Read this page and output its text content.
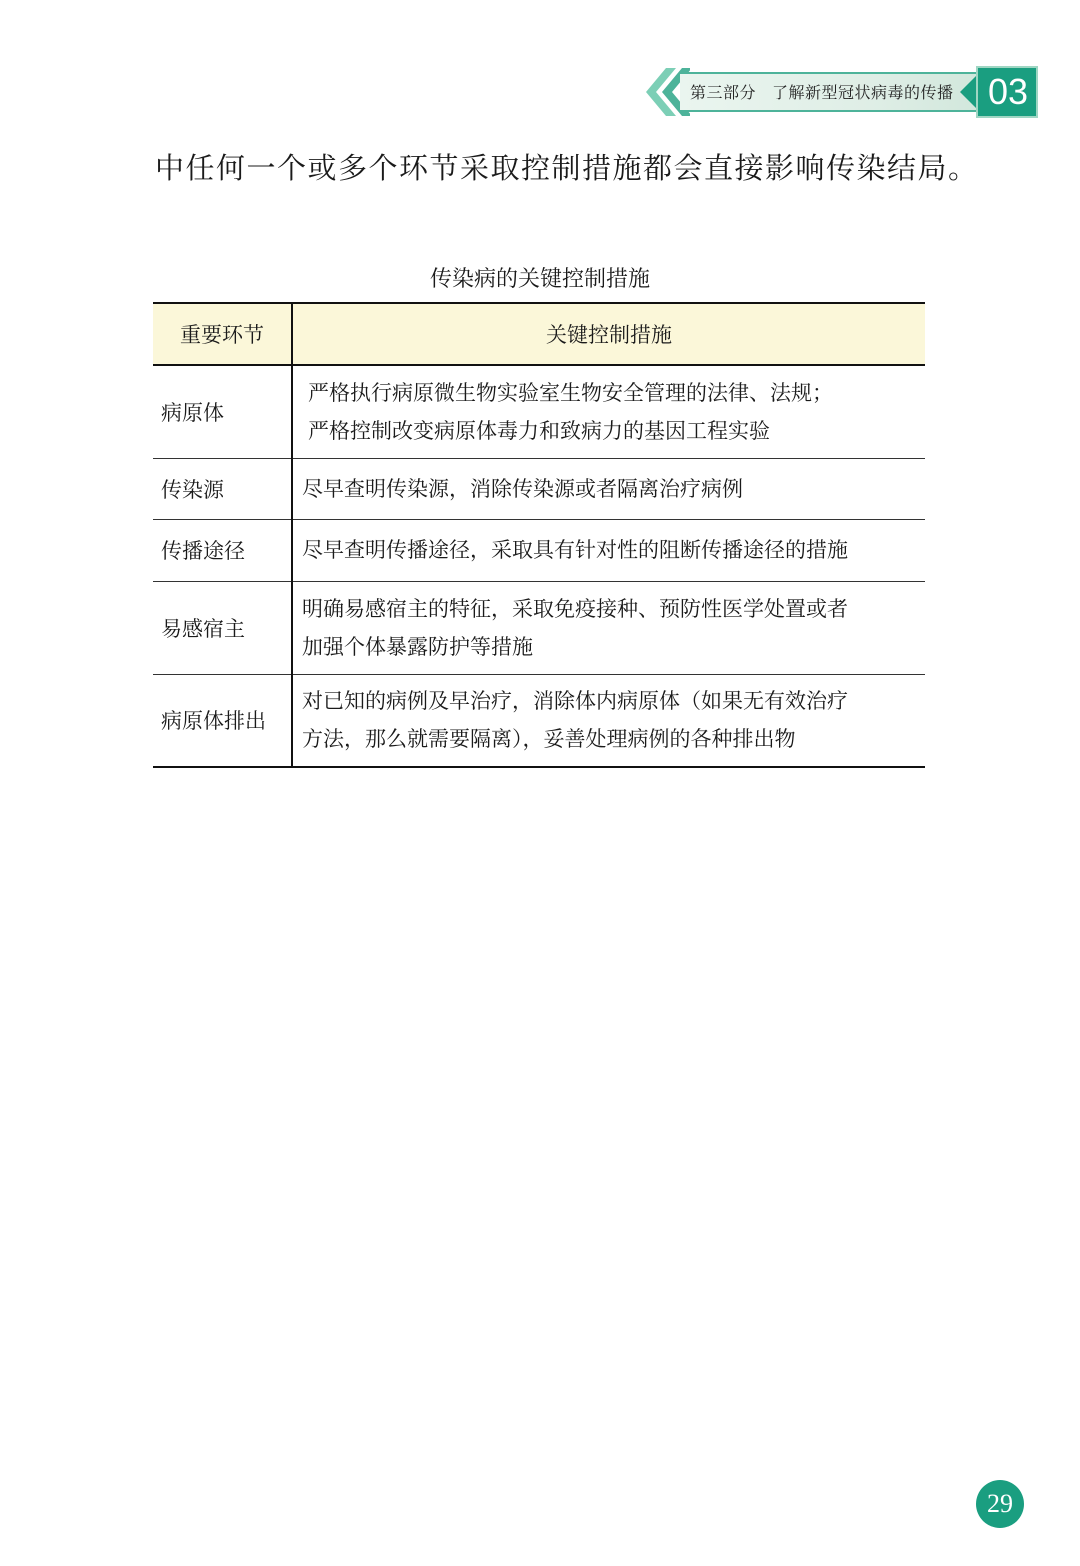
第三部分 了解新型冠状病毒的传播 03
中任何一个或多个环节采取控制措施都会直接影响传染结局。
传染病的关键控制措施
重要环节	关键控制措施
病原体	严格执行病原微生物实验室生物安全管理的法律、法规；
严格控制改变病原体毒力和致病力的基因工程实验

传染源	尽早查明传染源，消除传染源或者隔离治疗病例

传播途径	尽早查明传播途径，采取具有针对性的阻断传播途径的措施

易感宿主	明确易感宿主的特征，采取免疫接种、预防性医学处置或者
加强个体暴露防护等措施

病原体排出	对已知的病例及早治疗，消除体内病原体（如果无有效治疗
方法，那么就需要隔离），妥善处理病例的各种排出物
29
